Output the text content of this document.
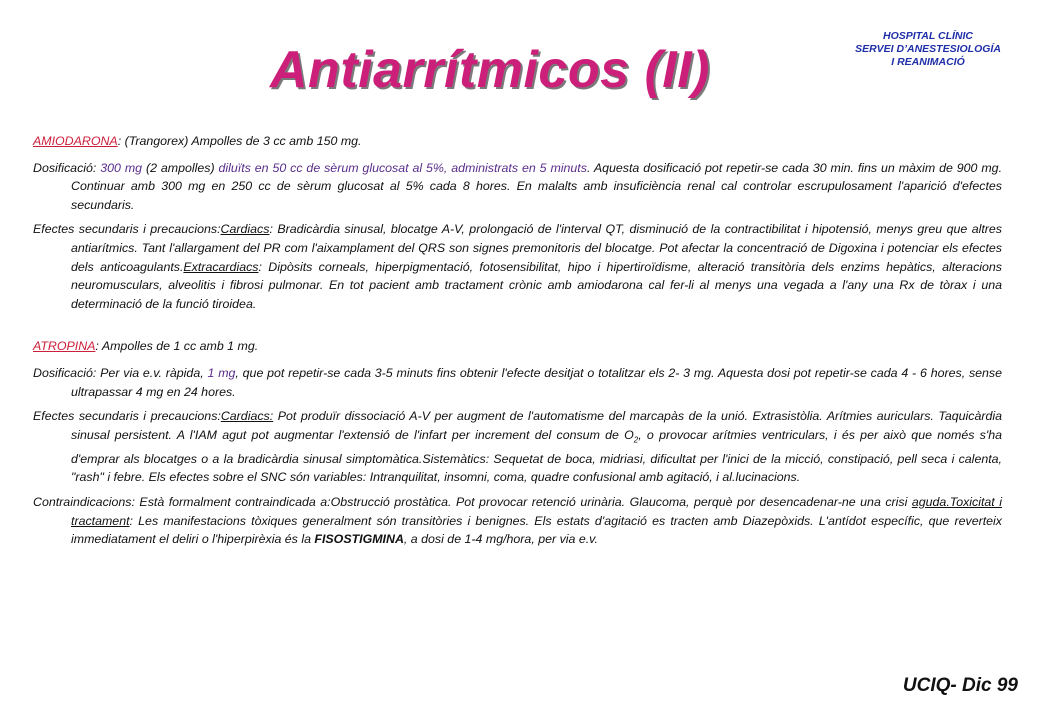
Antiarrítmicos (II)
HOSPITAL CLÍNIC
SERVEI D’ANESTESIOLOGÍA
I REANIMACIÓ

AMIODARONA: (Trangorex) Ampolles de 3 cc amb 150 mg.

Dosificació: 300 mg (2 ampolles) diluïts en 50 cc de sèrum glucosat al 5%, administrats en 5 minuts. Aquesta dosificació pot repetir-se cada 30 min. fins un màxim de 900 mg. Continuar amb 300 mg en 250 cc de sèrum glucosat al 5% cada 8 hores. En malalts amb insuficiència renal cal controlar escrupulosament l'aparició d'efectes secundaris.

Efectes secundaris i precaucions:Cardiacs: Bradicàrdia sinusal, blocatge A-V, prolongació de l'interval QT, disminució de la contractibilitat i hipotensió, menys greu que altres antiarítmics. Tant l'allargament del PR com l'aixamplament del QRS son signes premonitoris del blocatge. Pot afectar la concentració de Digoxina i potenciar els efectes dels anticoagulants.Extracardiacs: Dipòsits corneals, hiperpigmentació, fotosensibilitat, hipo i hipertiroïdisme, alteració transitòria dels enzims hepàtics, alteracions neuromusculars, alveolitis i fibrosi pulmonar. En tot pacient amb tractament crònic amb amiodarona cal fer-li al menys una vegada a l'any una Rx de tòrax i una determinació de la funció tiroidea.

ATROPINA: Ampolles de 1 cc amb 1 mg.

Dosificació: Per via e.v. ràpida, 1 mg, que pot repetir-se cada 3-5 minuts fins obtenir l'efecte desitjat o totalitzar els 2- 3 mg. Aquesta dosi pot repetir-se cada 4 - 6 hores, sense ultrapassar 4 mg en 24 hores.

Efectes secundaris i precaucions:Cardiacs: Pot produïr dissociació A-V per augment de l'automatisme del marcapàs de la unió. Extrasistòlia. Arítmies auriculars. Taquicàrdia sinusal persistent. A l'IAM agut pot augmentar l'extensió de l'infart per increment del consum de $O_2$, o provocar arítmies ventriculars, i és per això que només s'ha d'emprar als blocatges o a la bradicàrdia sinusal simptomàtica.Sistemàtics: Sequetat de boca, midriasi, dificultat per l'inici de la micció, constipació, pell seca i calenta, "rash" i febre. Els efectes sobre el SNC són variables: Intranquilitat, insomni, coma, quadre confusional amb agitació, i al.lucinacions.

Contraindicacions: Està formalment contraindicada a:Obstrucció prostàtica. Pot provocar retenció urinària. Glaucoma, perquè por desencadenar-ne una crisi aguda.Toxicitat i tractament: Les manifestacions tòxiques generalment són transitòries i benignes. Els estats d'agitació es tracten amb Diazepòxids. L'antídot específic, que reverteix immediatament el deliri o l'hiperpirèxia és la FISOSTIGMINA, a dosi de 1-4 mg/hora, per via e.v.

UCIQ- Dic 99
